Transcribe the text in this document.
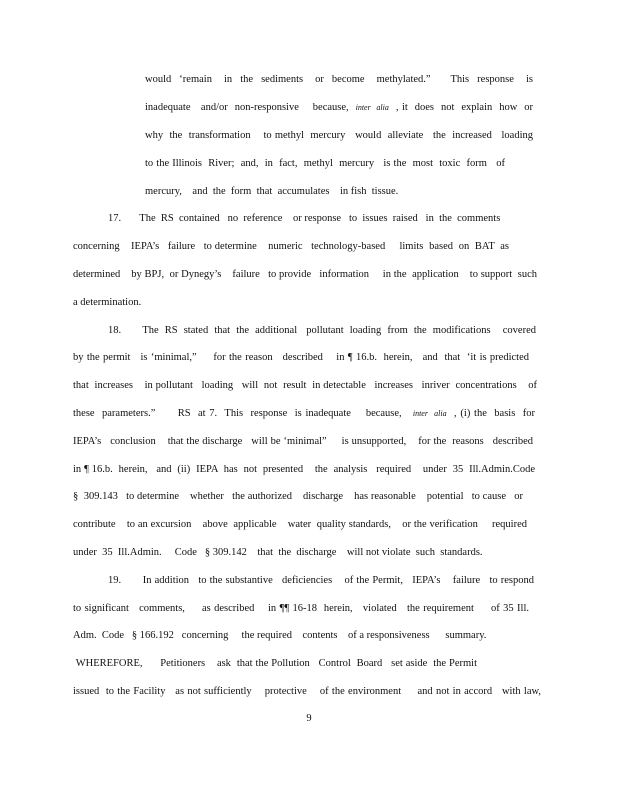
would  ‘remain   in  the  sediments   or  become   methylated.”     This  response   is
inadequate   and/or  non-responsive    because,  inter  alia  , it  does  not  explain  how  or
why  the  transformation    to methyl  mercury   would  alleviate   the  increased   loading
to the Illinois  River;  and,  in  fact,  methyl  mercury   is the  most  toxic  form   of
mercury,    and  the  form  that  accumulates    in fish  tissue.
17.       The  RS  contained   no  reference    or response   to  issues  raised   in  the  comments
concerning    IEPA’s   failure   to determine    numeric   technology-based     limits  based  on  BAT  as
determined    by BPJ,  or Dynegy’s    failure   to provide   information     in the  application    to support  such
a determination.
18.       The  RS  stated  that  the  additional   pollutant  loading  from  the  modifications    covered
by the permit   is ‘minimal,”     for the reason   described    in ¶ 16.b.  herein,   and  that  ‘it is predicted
that  increases    in pollutant   loading   will  not  result  in detectable   increases   inriver  concentrations    of
these  parameters.”      RS  at 7.  This  response  is inadequate    because,   inter  alia  , (i) the  basis  for
IEPA’s   conclusion    that the discharge   will be ‘minimal”     is unsupported,    for the  reasons   described
in ¶ 16.b.  herein,   and  (ii)  IEPA  has  not  presented    the  analysis   required    under  35  Ill.Admin.Code
§  309.143   to determine    whether   the authorized    discharge    has reasonable    potential   to cause   or
contribute    to an excursion    above  applicable    water  quality standards,    or the verification     required
under  35  Ill.Admin.     Code   § 309.142    that  the  discharge    will not violate  such  standards.
19.       In addition   to the substantive   deficiencies    of the Permit,   IEPA’s    failure   to respond
to significant   comments,     as described    in ¶¶ 16-18  herein,   violated   the requirement     of 35 Ill.
Adm.  Code   § 166.192   concerning     the required    contents    of a responsiveness      summary.
WHEREFORE,      Petitioners    ask  that the Pollution   Control  Board   set aside  the Permit
issued  to the Facility   as not sufficiently    protective    of the environment     and not in accord   with law,
9
